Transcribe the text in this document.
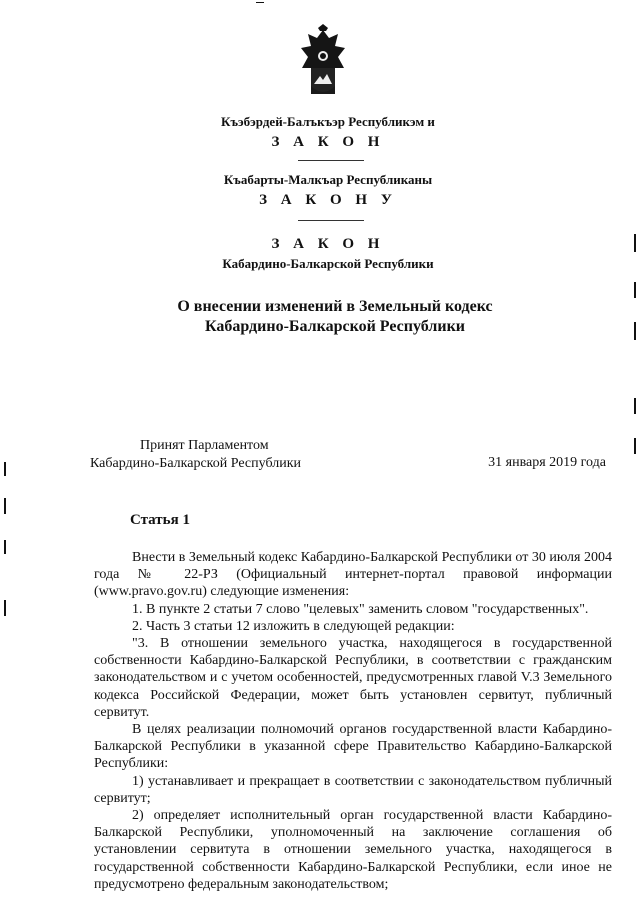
Къэбэрдей-Балъкъэр Республикэм и
З А К О Н
Къабарты-Малкъар Республиканы
З А К О Н У
З А К О Н
Кабардино-Балкарской Республики
О внесении изменений в Земельный кодекс
Кабардино-Балкарской Республики
Принят Парламентом
Кабардино-Балкарской Республики	31 января 2019 года
Статья 1

Внести в Земельный кодекс Кабардино-Балкарской Республики от 30 июля 2004 года № 22-РЗ (Официальный интернет-портал правовой информации (www.pravo.gov.ru) следующие изменения:

1. В пункте 2 статьи 7 слово "целевых" заменить словом "государственных".

2. Часть 3 статьи 12 изложить в следующей редакции:

"3. В отношении земельного участка, находящегося в государственной собственности Кабардино-Балкарской Республики, в соответствии с гражданским законодательством и с учетом особенностей, предусмотренных главой V.3 Земельного кодекса Российской Федерации, может быть установлен сервитут, публичный сервитут.

В целях реализации полномочий органов государственной власти Кабардино-Балкарской Республики в указанной сфере Правительство Кабардино-Балкарской Республики:

1) устанавливает и прекращает в соответствии с законодательством публичный сервитут;

2) определяет исполнительный орган государственной власти Кабардино-Балкарской Республики, уполномоченный на заключение соглашения об установлении сервитута в отношении земельного участка, находящегося в государственной собственности Кабардино-Балкарской Республики, если иное не предусмотрено федеральным законодательством;
